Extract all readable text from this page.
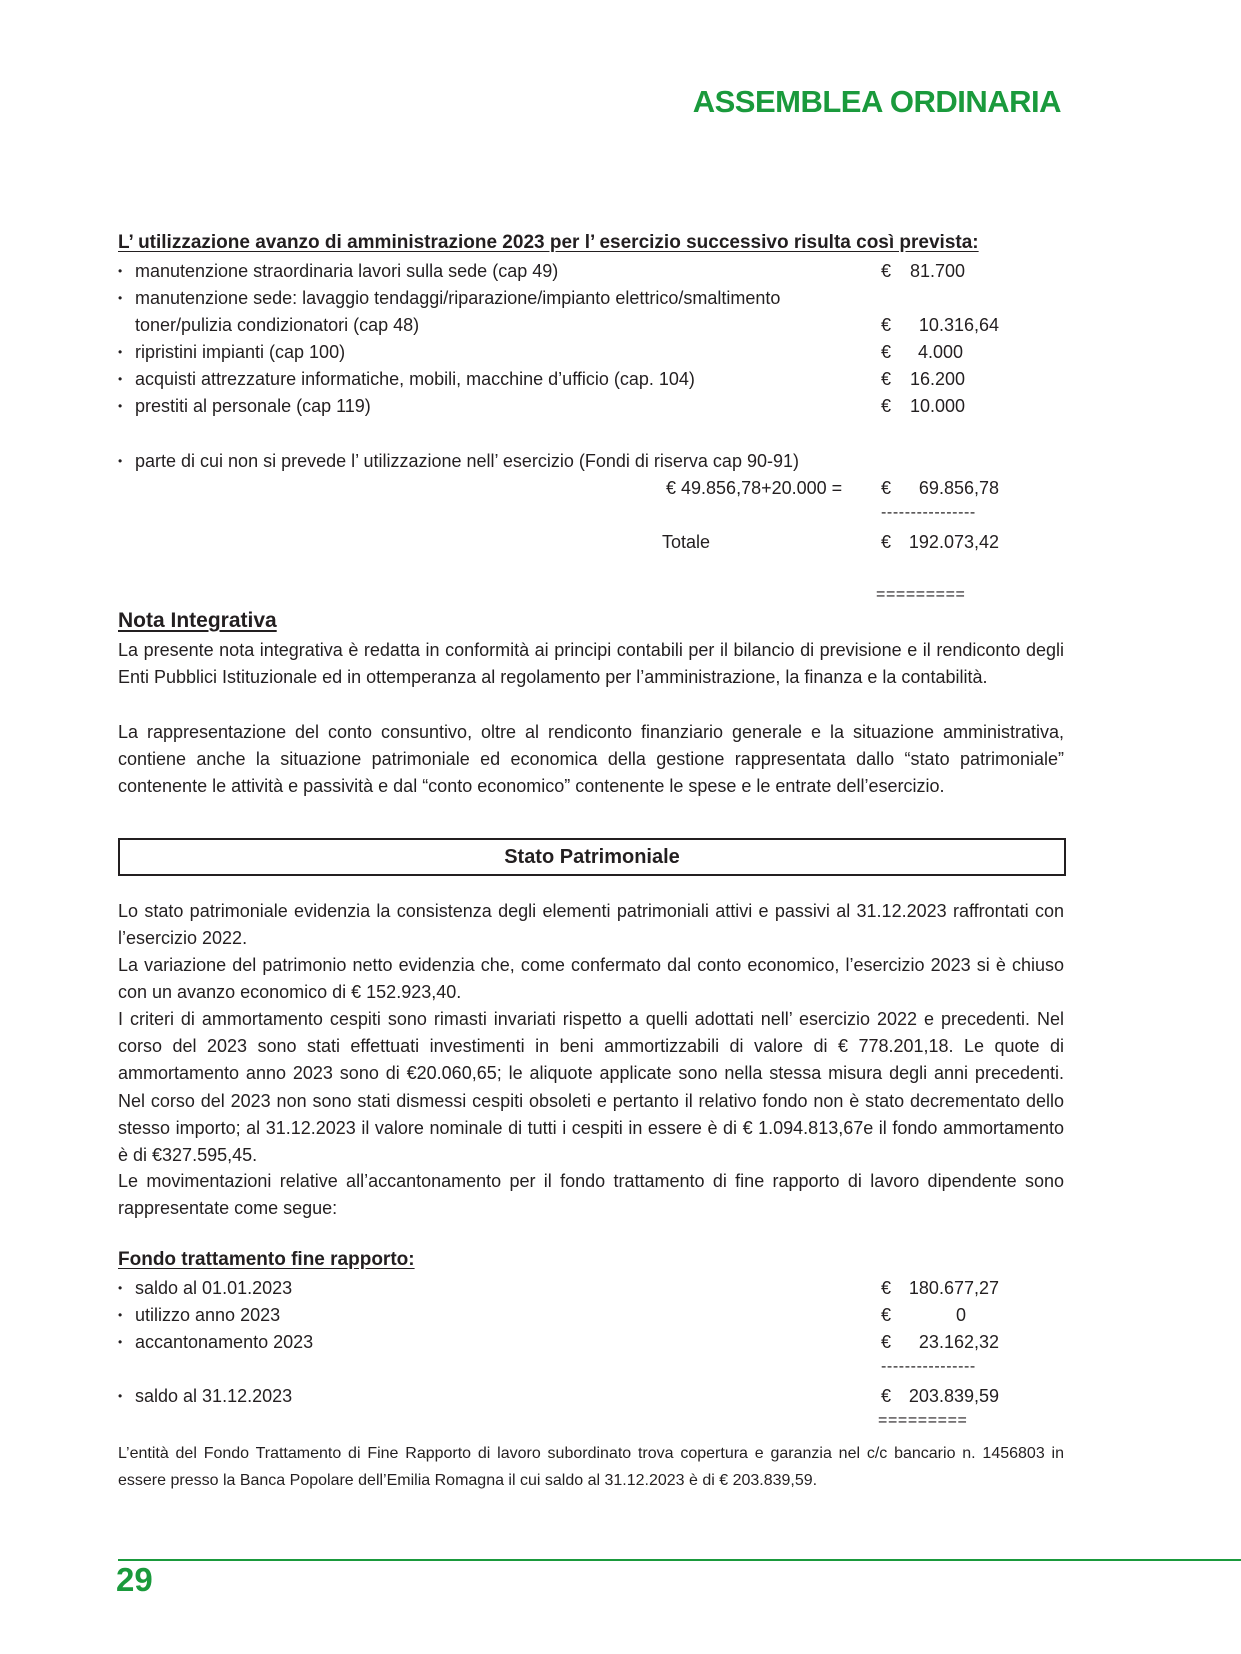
ASSEMBLEA ORDINARIA
L’ utilizzazione avanzo di amministrazione 2023 per l’ esercizio successivo risulta così prevista:
• manutenzione straordinaria lavori sulla sede (cap 49)	€ 81.700
• manutenzione sede: lavaggio tendaggi/riparazione/impianto elettrico/smaltimento
toner/pulizia condizionatori (cap 48)	€	10.316,64
• ripristini impianti (cap 100)	€ 4.000
• acquisti attrezzature informatiche, mobili, macchine d’ufficio (cap. 104)	€ 16.200
• prestiti al personale (cap 119)	€ 10.000
• parte di cui non si prevede l’ utilizzazione nell’ esercizio (Fondi di riserva cap 90-91)
€ 49.856,78+20.000 = €	69.856,78
----------------
Totale	€ 192.073,42
=========
Nota Integrativa
La presente nota integrativa è redatta in conformità ai principi contabili per il bilancio di previsione e il rendiconto degli Enti Pubblici Istituzionale ed in ottemperanza al regolamento per l’amministrazione, la finanza e la contabilità.
La rappresentazione del conto consuntivo, oltre al rendiconto finanziario generale e la situazione amministrativa, contiene anche la situazione patrimoniale ed economica della gestione rappresentata dallo “stato patrimoniale” contenente le attività e passività e dal “conto economico” contenente le spese e le entrate dell’esercizio.
Stato Patrimoniale
Lo stato patrimoniale evidenzia la consistenza degli elementi patrimoniali attivi e passivi al 31.12.2023 raffrontati con l’esercizio 2022.
La variazione del patrimonio netto evidenzia che, come confermato dal conto economico, l’esercizio 2023 si è chiuso con un avanzo economico di € 152.923,40.
I criteri di ammortamento cespiti sono rimasti invariati rispetto a quelli adottati nell’ esercizio 2022 e precedenti. Nel corso del 2023 sono stati effettuati investimenti in beni ammortizzabili di valore di € 778.201,18. Le quote di ammortamento anno 2023 sono di €20.060,65; le aliquote applicate sono nella stessa misura degli anni precedenti. Nel corso del 2023 non sono stati dismessi cespiti obsoleti e pertanto il relativo fondo non è stato decrementato dello stesso importo; al 31.12.2023 il valore nominale di tutti i cespiti in essere è di € 1.094.813,67e il fondo ammortamento è di €327.595,45.
Le movimentazioni relative all’accantonamento per il fondo trattamento di fine rapporto di lavoro dipendente sono rappresentate come segue:
Fondo trattamento fine rapporto:
• saldo al 01.01.2023	€ 180.677,27
• utilizzo anno 2023	€	0
• accantonamento 2023	€	23.162,32
----------------
• saldo al 31.12.2023	€ 203.839,59
=========
L’entità del Fondo Trattamento di Fine Rapporto di lavoro subordinato trova copertura e garanzia nel c/c bancario n. 1456803 in essere presso la Banca Popolare dell’Emilia Romagna il cui saldo al 31.12.2023 è di € 203.839,59.
29
